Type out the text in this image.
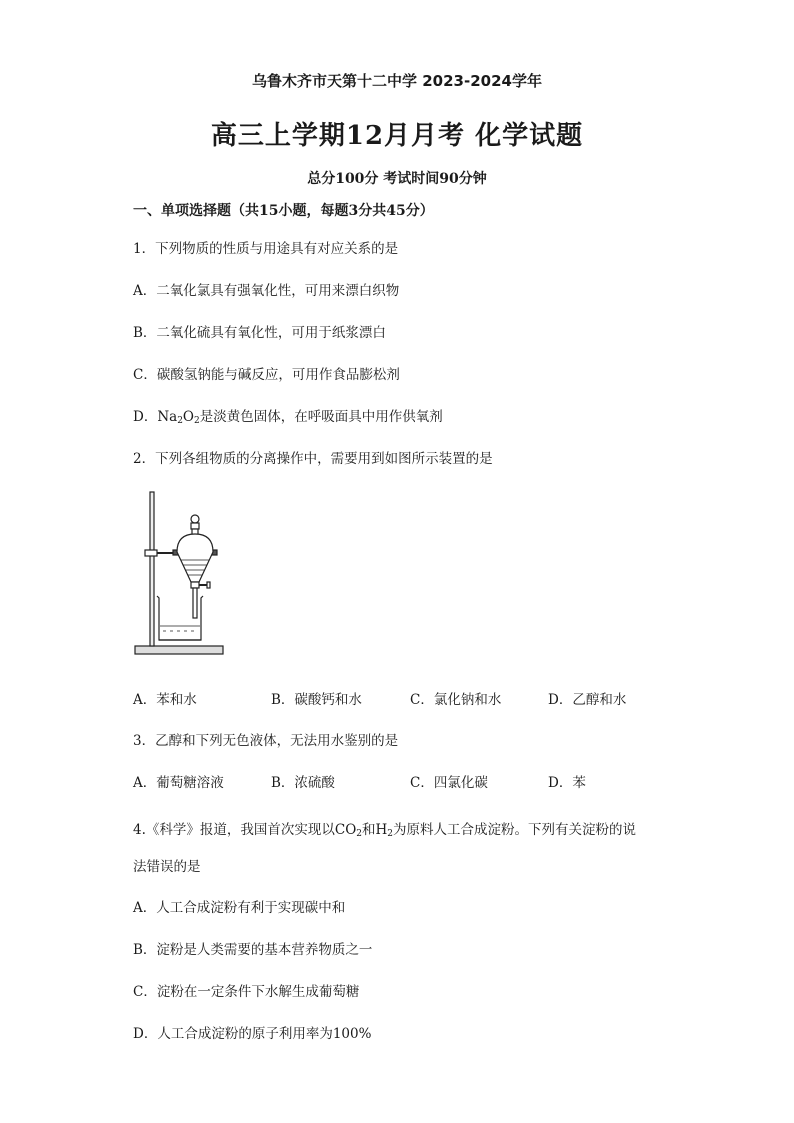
乌鲁木齐市天第十二中学 2023-2024学年
高三上学期12月月考 化学试题
总分100分 考试时间90分钟
一、单项选择题（共15小题，每题3分共45分）
1．下列物质的性质与用途具有对应关系的是
A．二氧化氯具有强氧化性，可用来漂白织物
B．二氧化硫具有氧化性，可用于纸浆漂白
C．碳酸氢钠能与碱反应，可用作食品膨松剂
D．$Na_2O_2$是淡黄色固体，在呼吸面具中用作供氧剂
2．下列各组物质的分离操作中，需要用到如图所示装置的是
A．苯和水	B．碳酸钙和水	C．氯化钠和水	D．乙醇和水
3．乙醇和下列无色液体，无法用水鉴别的是
A．葡萄糖溶液	B．浓硫酸	C．四氯化碳	D．苯
4.《科学》报道，我国首次实现以$CO_2$和$H_2$为原料人工合成淀粉。下列有关淀粉的说
法错误的是
A．人工合成淀粉有利于实现碳中和
B．淀粉是人类需要的基本营养物质之一
C．淀粉在一定条件下水解生成葡萄糖
D．人工合成淀粉的原子利用率为100%
